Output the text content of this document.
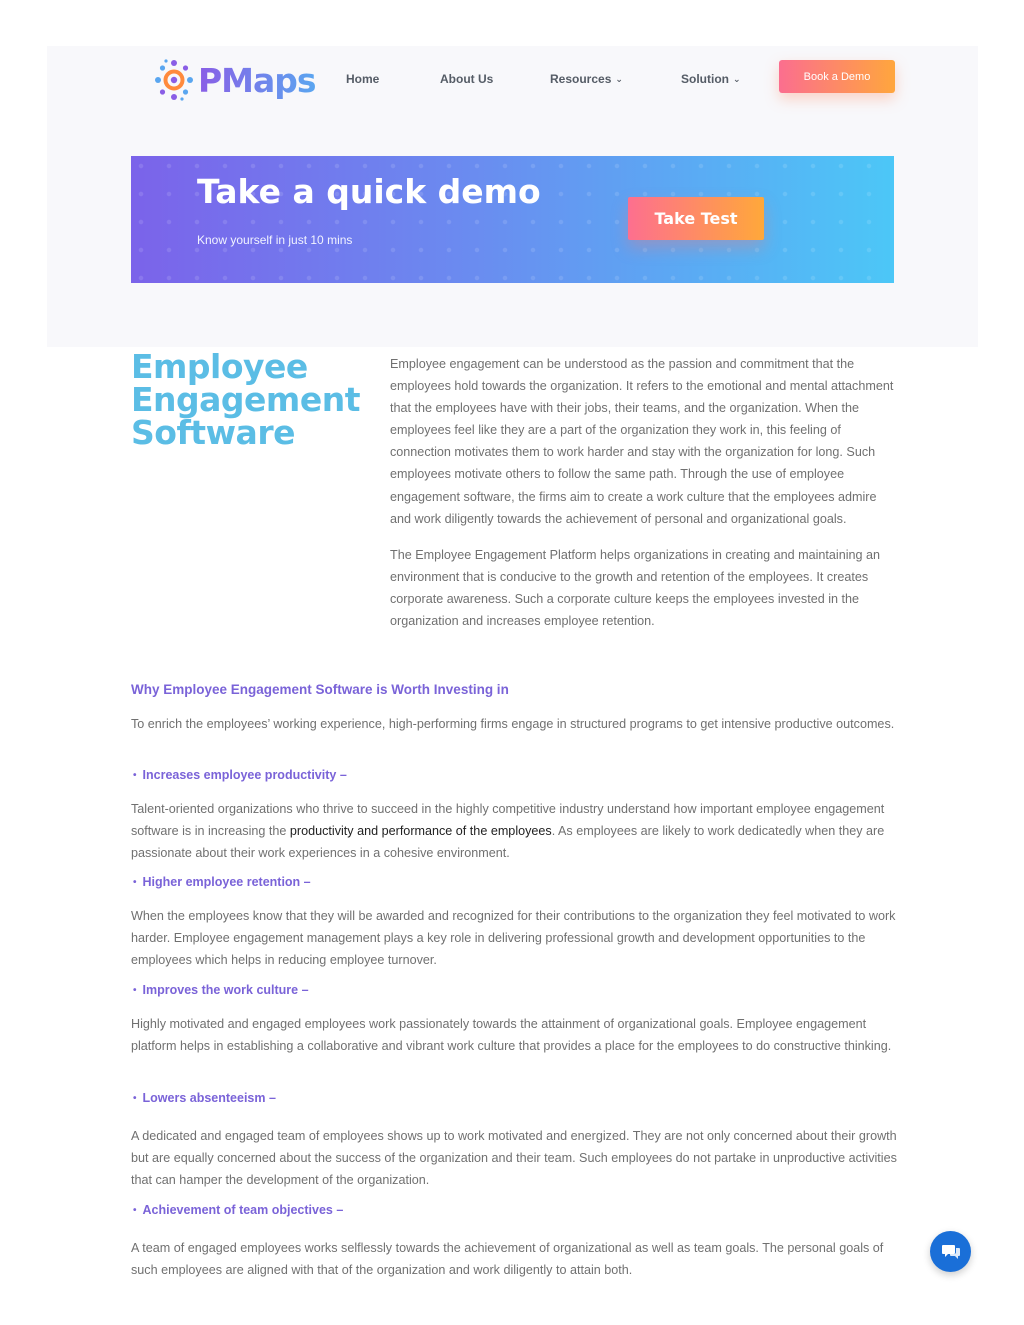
PMaps	Home	About Us	Resources ⌄	Solution ⌄	Book a Demo
Take a quick demo
Know yourself in just 10 mins
Take Test
Employee
Engagement
Software

Employee engagement can be understood as the passion and commitment that the employees hold towards the organization. It refers to the emotional and mental attachment that the employees have with their jobs, their teams, and the organization. When the employees feel like they are a part of the organization they work in, this feeling of connection motivates them to work harder and stay with the organization for long. Such employees motivate others to follow the same path. Through the use of employee engagement software, the firms aim to create a work culture that the employees admire and work diligently towards the achievement of personal and organizational goals.

The Employee Engagement Platform helps organizations in creating and maintaining an environment that is conducive to the growth and retention of the employees. It creates corporate awareness. Such a corporate culture keeps the employees invested in the organization and increases employee retention.

Why Employee Engagement Software is Worth Investing in

To enrich the employees’ working experience, high-performing firms engage in structured programs to get intensive productive outcomes.

• Increases employee productivity –

Talent-oriented organizations who thrive to succeed in the highly competitive industry understand how important employee engagement software is in increasing the productivity and performance of the employees. As employees are likely to work dedicatedly when they are passionate about their work experiences in a cohesive environment.

• Higher employee retention –

When the employees know that they will be awarded and recognized for their contributions to the organization they feel motivated to work harder. Employee engagement management plays a key role in delivering professional growth and development opportunities to the employees which helps in reducing employee turnover.

• Improves the work culture –

Highly motivated and engaged employees work passionately towards the attainment of organizational goals. Employee engagement platform helps in establishing a collaborative and vibrant work culture that provides a place for the employees to do constructive thinking.

• Lowers absenteeism –

A dedicated and engaged team of employees shows up to work motivated and energized. They are not only concerned about their growth but are equally concerned about the success of the organization and their team. Such employees do not partake in unproductive activities that can hamper the development of the organization.

• Achievement of team objectives –

A team of engaged employees works selflessly towards the achievement of organizational as well as team goals. The personal goals of such employees are aligned with that of the organization and work diligently to attain both.
